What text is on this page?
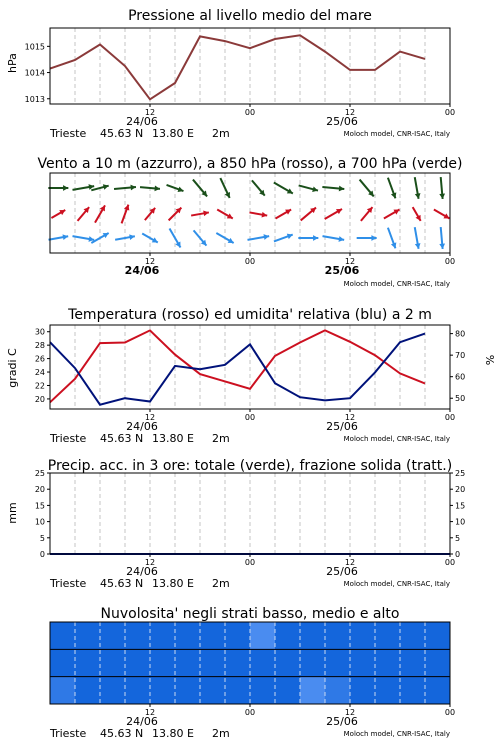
Pressione al livello medio del mare
Vento a 10 m (azzurro), a 850 hPa (rosso), a 700 hPa (verde)
Temperatura (rosso) ed umidita' relativa (blu) a 2 m
Precip. acc. in 3 ore: totale (verde), frazione solida (tratt.)
Nuvolosita' negli strati basso, medio e alto
hPa
gradi C	%
mm
12	00	12	00
24/06	25/06
Trieste 45.63 N 13.80 E 2m	Moloch model, CNR-ISAC, Italy
1013
1014
1015
12	00	12	00
24/06	25/06
Moloch model, CNR-ISAC, Italy
12	00	12	00
24/06	25/06
Trieste 45.63 N 13.80 E 2m	Moloch model, CNR-ISAC, Italy
20
22
24
26
28
30
50
60
70
80
12	00	12	00
24/06	25/06
Trieste 45.63 N 13.80 E 2m	Moloch model, CNR-ISAC, Italy
0	0
5	5
10	10
15	15
20	20
25	25
12	00	12	00
24/06	25/06
Trieste 45.63 N 13.80 E 2m	Moloch model, CNR-ISAC, Italy
